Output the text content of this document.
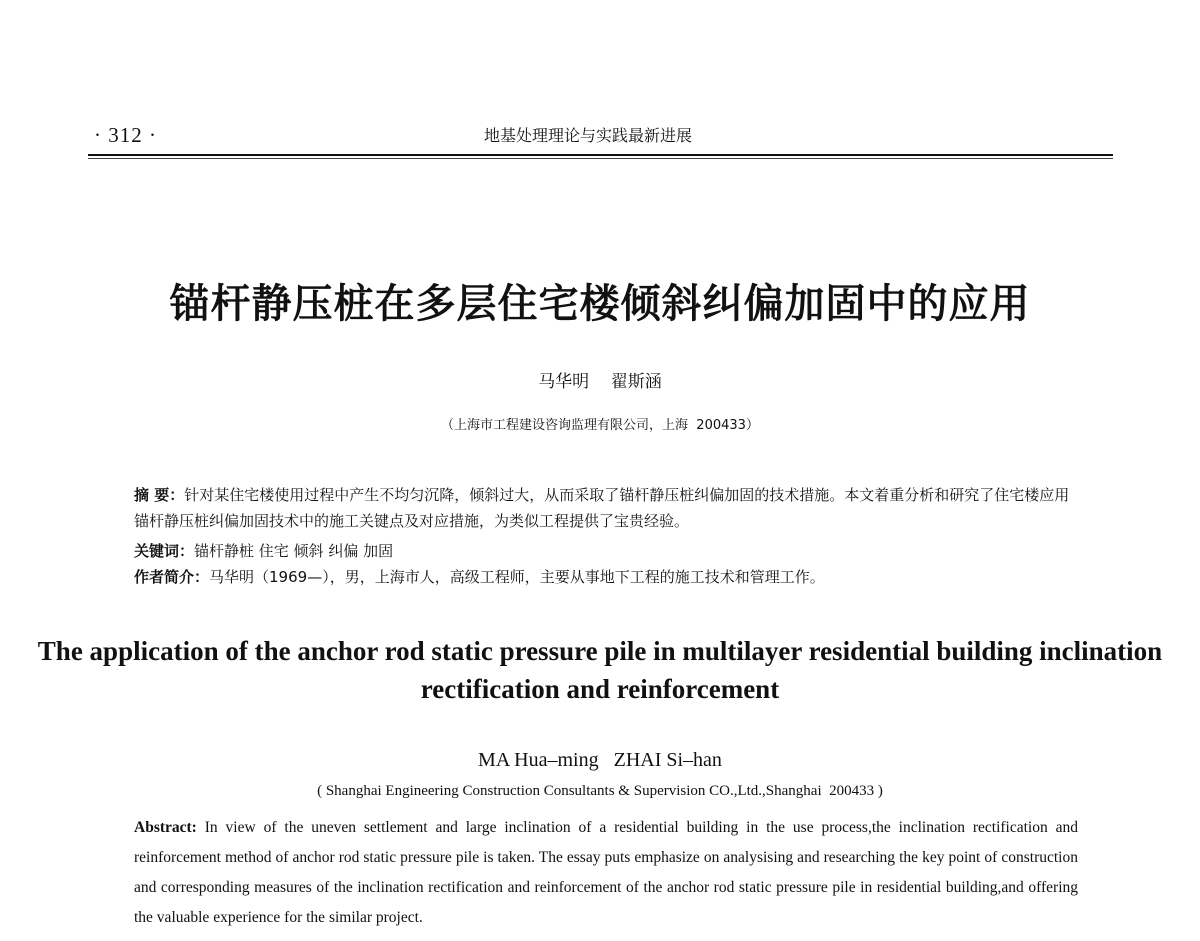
· 312 ·	地基处理理论与实践最新进展
锚杆静压桩在多层住宅楼倾斜纠偏加固中的应用
马华明    翟斯涵
（上海市工程建设咨询监理有限公司，上海  200433）
摘 要：针对某住宅楼使用过程中产生不均匀沉降，倾斜过大，从而采取了锚杆静压桩纠偏加固的技术措施。本文着重分析和研究了住宅楼应用锚杆静压桩纠偏加固技术中的施工关键点及对应措施，为类似工程提供了宝贵经验。
关键词：锚杆静桩 住宅 倾斜 纠偏 加固
作者简介：马华明（1969—），男，上海市人，高级工程师，主要从事地下工程的施工技术和管理工作。
The application of the anchor rod static pressure pile in multilayer residential building inclination rectification and reinforcement
MA Hua–ming   ZHAI Si–han
( Shanghai Engineering Construction Consultants & Supervision CO.,Ltd.,Shanghai  200433 )
Abstract: In view of the uneven settlement and large inclination of a residential building in the use process,the inclination rectification and reinforcement method of anchor rod static pressure pile is taken. The essay puts emphasize on analysising and researching the key point of construction and corresponding measures of the inclination rectification and reinforcement of the anchor rod static pressure pile in residential building,and offering the valuable experience for the similar project.
